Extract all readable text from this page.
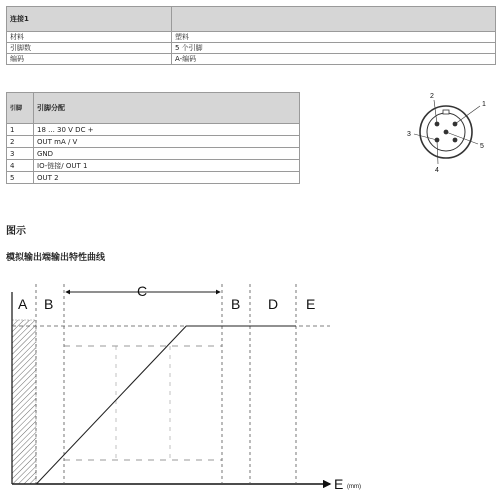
连接1	
材料	塑料
引脚数	5 个引脚
编码	A-编码
引脚	引脚分配
1	18 ... 30 V DC +
2	OUT mA / V
3	GND
4	IO-链接/ OUT 1
5	OUT 2
1
2
3
4
5
图示
模拟输出端输出特性曲线
A B
C
B D E
E (mm)
